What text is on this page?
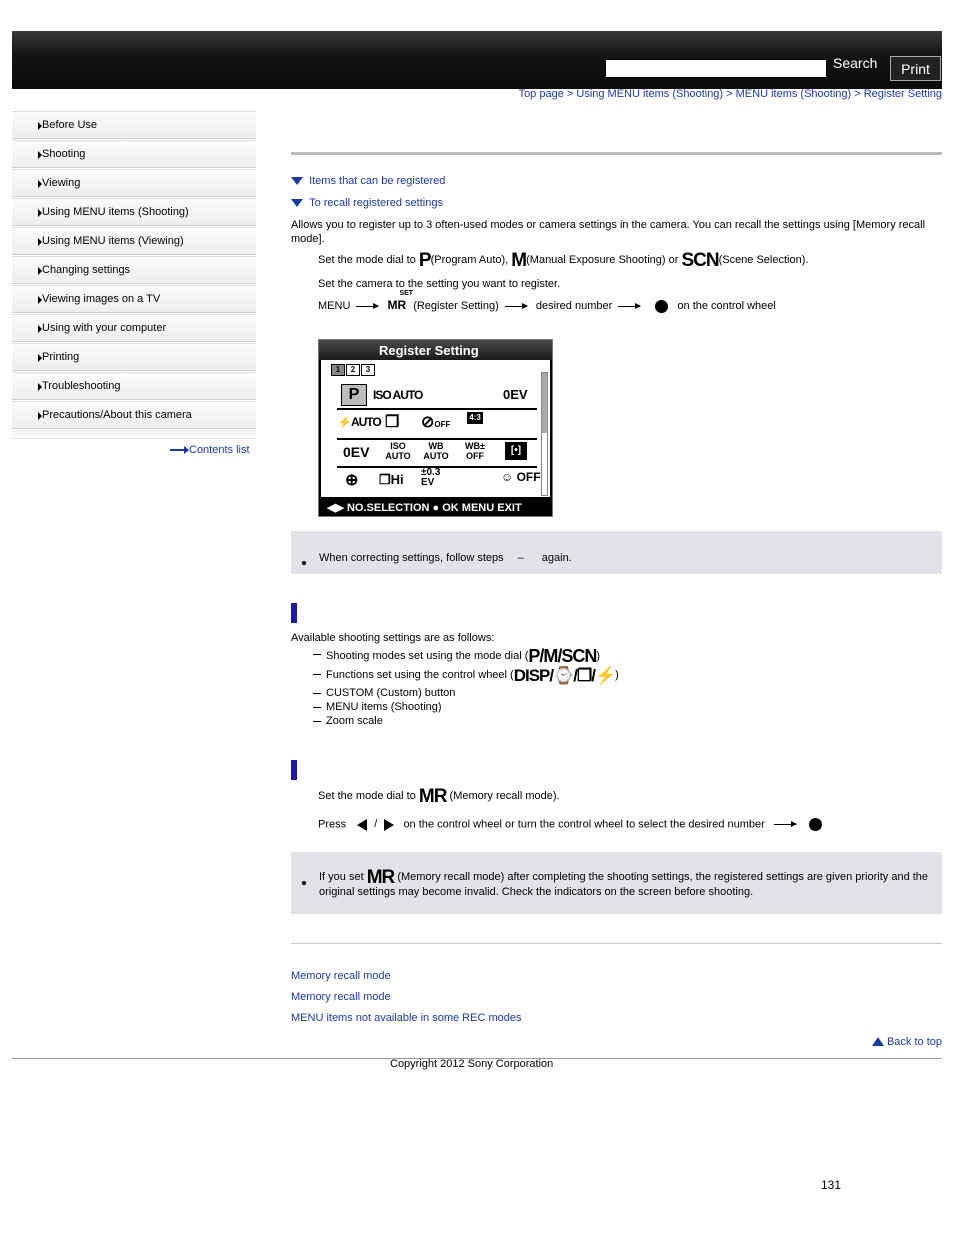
Search	Print
Top page > Using MENU items (Shooting) > MENU items (Shooting) > Register Setting
Before Use
Shooting
Viewing
Using MENU items (Shooting)
Using MENU items (Viewing)
Changing settings
Viewing images on a TV
Using with your computer
Printing
Troubleshooting
Precautions/About this camera
Contents list
Items that can be registered
To recall registered settings
Allows you to register up to 3 often-used modes or camera settings in the camera. You can recall the settings using [Memory recall mode].
Set the mode dial to P(Program Auto), M(Manual Exposure Shooting) or SCN(Scene Selection).
Set the camera to the setting you want to register.
MENU	MR
SET
(Register Setting)	desired number	on the control wheel
Register Setting
1	2	3
P	ISO AUTO	0EV
⚡AUTO ❐ ⊘OFF
4:3
0EV	ISO AUTO
WB AUTO
WB± OFF	[•]
⊕ ❐Hi ±0.3 EV	☺ OFF
◀▶ NO.SELECTION ● OK MENU EXIT
When correcting settings, follow steps – again.
Available shooting settings are as follows:
Shooting modes set using the mode dial (P/M/SCN)
Functions set using the control wheel (DISP/⌚/❐/⚡)
CUSTOM (Custom) button
MENU items (Shooting)
Zoom scale
Set the mode dial to MR (Memory recall mode).
Press	/ on the control wheel or turn the control wheel to select the desired number
If you set MR (Memory recall mode) after completing the shooting settings, the registered settings are given priority and the original settings may become invalid. Check the indicators on the screen before shooting.
Memory recall mode
Memory recall mode
MENU items not available in some REC modes
Back to top
Copyright 2012 Sony Corporation
131
